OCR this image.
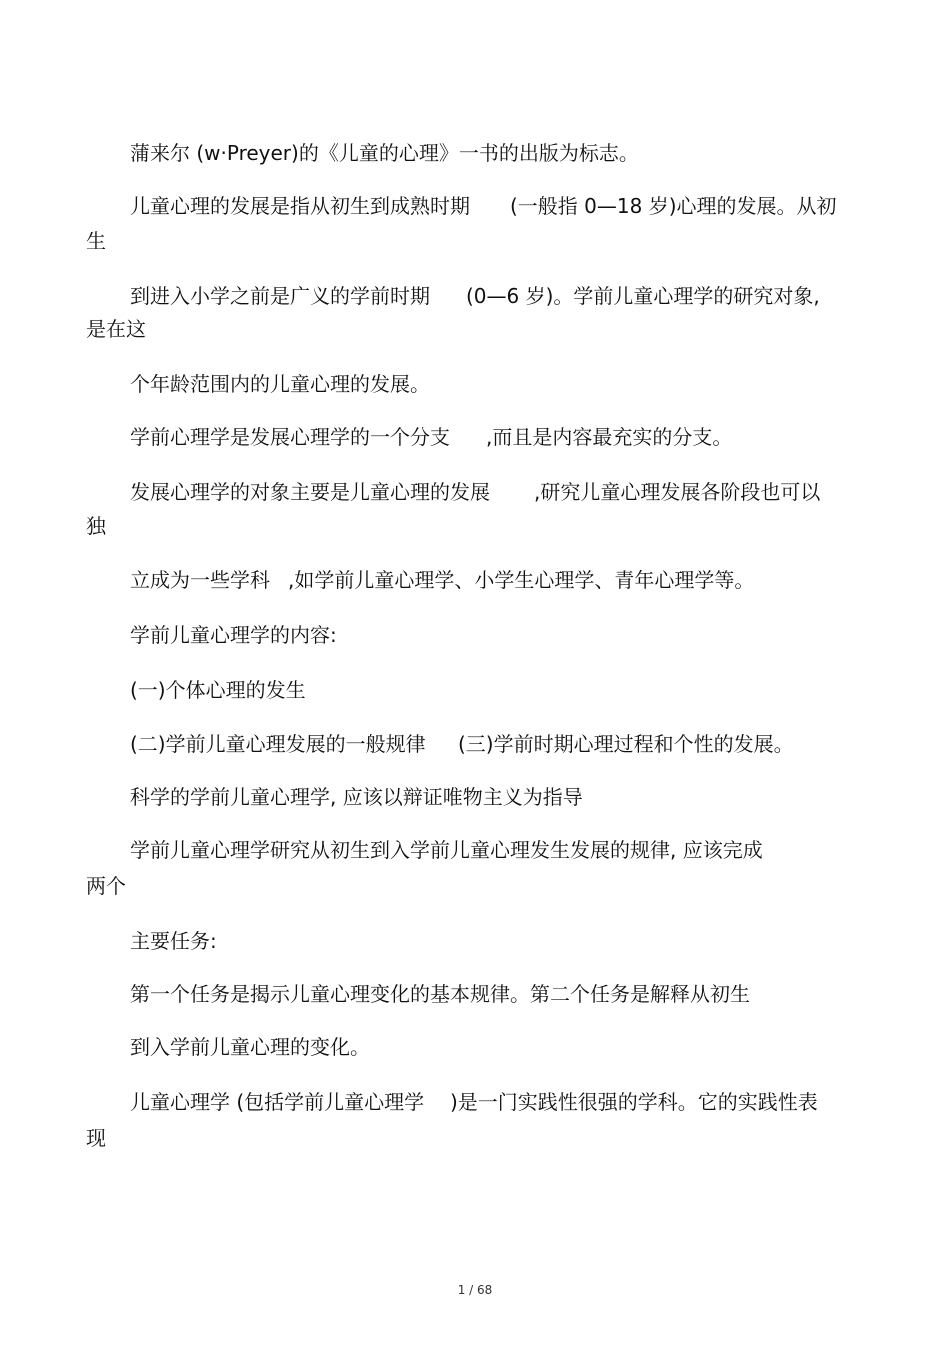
蒲来尔 (w·Preyer)的《儿童的心理》一书的出版为标志。
儿童心理的发展是指从初生到成熟时期 (一般指 0—18 岁)心理的发展。从初
生
到进入小学之前是广义的学前时期 (0—6 岁)。学前儿童心理学的研究对象,
是在这
个年龄范围内的儿童心理的发展。
学前心理学是发展心理学的一个分支 ,而且是内容最充实的分支。
发展心理学的对象主要是儿童心理的发展 ,研究儿童心理发展各阶段也可以
独
立成为一些学科 ,如学前儿童心理学、小学生心理学、青年心理学等。
学前儿童心理学的内容:
(一)个体心理的发生
(二)学前儿童心理发展的一般规律 (三)学前时期心理过程和个性的发展。
科学的学前儿童心理学, 应该以辩证唯物主义为指导
学前儿童心理学研究从初生到入学前儿童心理发生发展的规律, 应该完成
两个
主要任务:
第一个任务是揭示儿童心理变化的基本规律。第二个任务是解释从初生
到入学前儿童心理的变化。
儿童心理学 (包括学前儿童心理学 )是一门实践性很强的学科。它的实践性表
现
1 / 68
